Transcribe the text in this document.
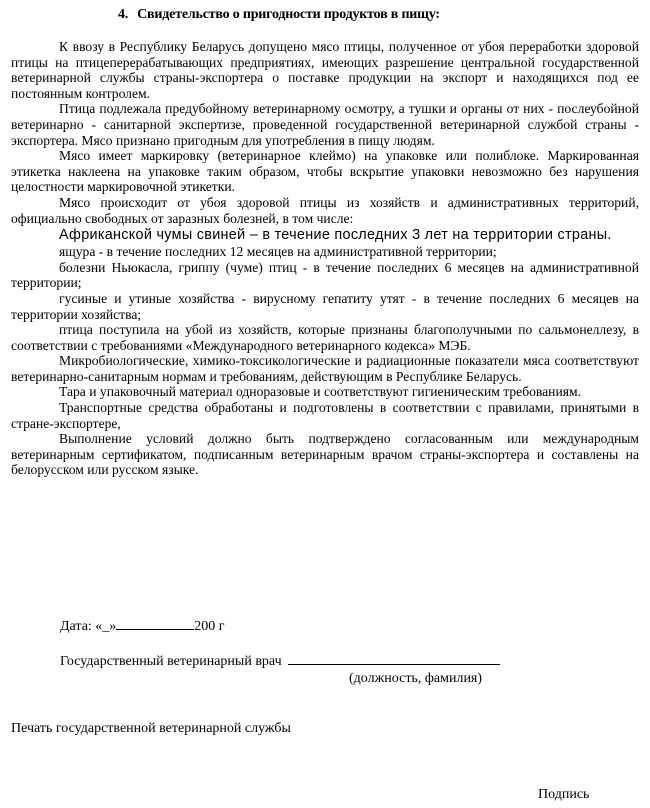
4. Свидетельство о пригодности продуктов в пищу:

К ввозу в Республику Беларусь допущено мясо птицы, полученное от убоя переработки здоровой птицы на птицеперерабатывающих предприятиях, имеющих разрешение центральной государственной ветеринарной службы страны-экспортера о поставке продукции на экспорт и находящихся под ее постоянным контролем.

Птица подлежала предубойному ветеринарному осмотру, а тушки и органы от них - послеубойной ветеринарно - санитарной экспертизе, проведенной государственной ветеринарной службой страны - экспортера. Мясо признано пригодным для употребления в пищу людям.

Мясо имеет маркировку (ветеринарное клеймо) на упаковке или полиблоке. Маркированная этикетка наклеена на упаковке таким образом, чтобы вскрытие упаковки невозможно без нарушения целостности маркировочной этикетки.

Мясо происходит от убоя здоровой птицы из хозяйств и административных территорий, официально свободных от заразных болезней, в том числе:

Африканской чумы свиней – в течение последних 3 лет на территории страны.

ящура - в течение последних 12 месяцев на административной территории;

болезни Ньюкасла, гриппу (чуме) птиц - в течение последних 6 месяцев на административной территории;

гусиные и утиные хозяйства - вирусному гепатиту утят - в течение последних 6 месяцев на территории хозяйства;

птица поступила на убой из хозяйств, которые признаны благополучными по сальмонеллезу, в соответствии с требованиями «Международного ветеринарного кодекса» МЭБ.

Микробиологические, химико-токсикологические и радиационные показатели мяса соответствуют ветеринарно-санитарным нормам и требованиям, действующим в Республике Беларусь.

Тара и упаковочный материал одноразовые и соответствуют гигиеническим требованиям.

Транспортные средства обработаны и подготовлены в соответствии с правилами, принятыми в стране-экспортере,

Выполнение условий должно быть подтверждено согласованным или международным ветеринарным сертификатом, подписанным ветеринарным врачом страны-экспортера и составлены на белорусском или русском языке.

Дата: «_»	200 г
Государственный ветеринарный врач
(должность, фамилия)
Печать государственной ветеринарной службы
Подпись
